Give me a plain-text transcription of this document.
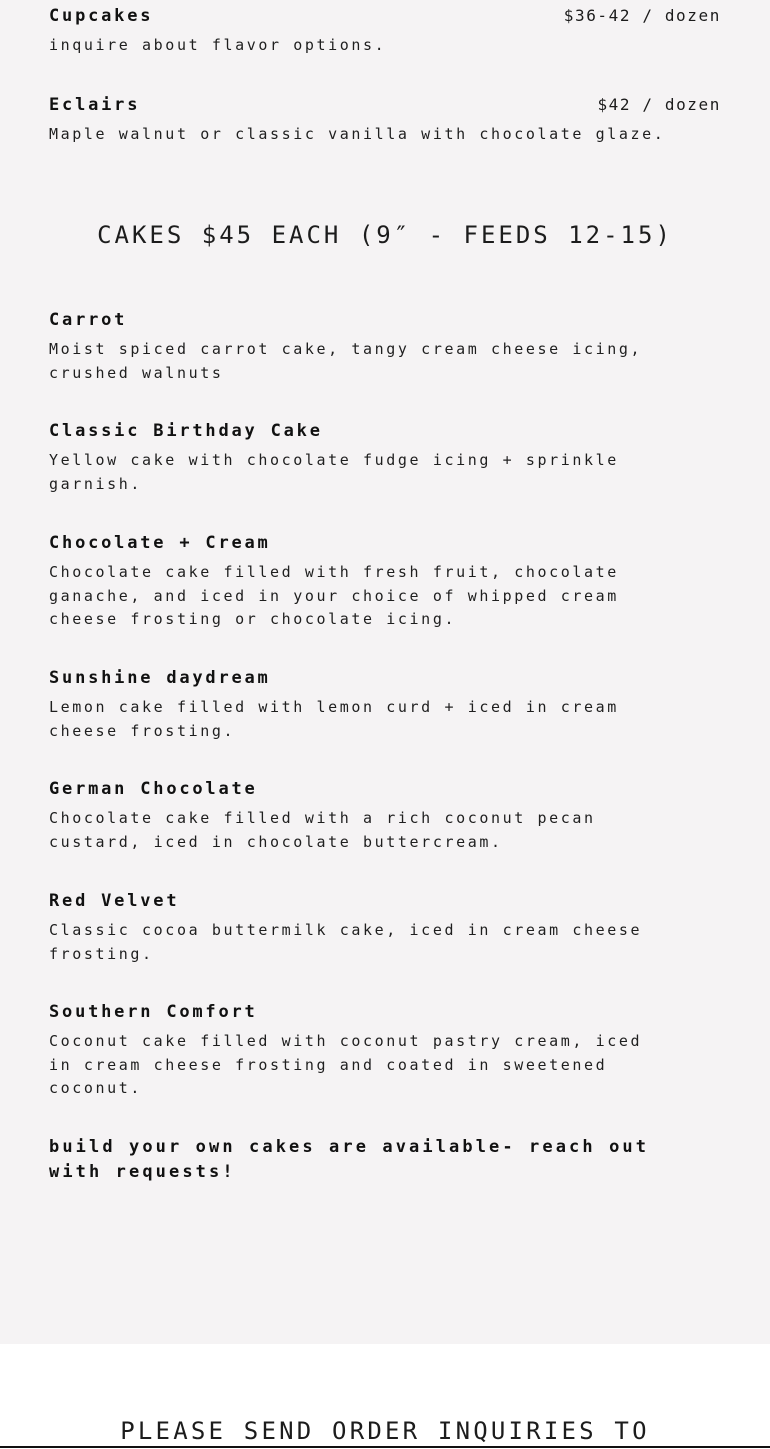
Cupcakes	$36-42 / dozen
inquire about flavor options.
Eclairs	$42 / dozen
Maple walnut or classic vanilla with chocolate glaze.
CAKES $45 EACH (9″ - FEEDS 12-15)
Carrot
Moist spiced carrot cake, tangy cream cheese icing, crushed walnuts
Classic Birthday Cake
Yellow cake with chocolate fudge icing + sprinkle garnish.
Chocolate + Cream
Chocolate cake filled with fresh fruit, chocolate ganache, and iced in your choice of whipped cream cheese frosting or chocolate icing.
Sunshine daydream
Lemon cake filled with lemon curd + iced in cream cheese frosting.
German Chocolate
Chocolate cake filled with a rich coconut pecan custard, iced in chocolate buttercream.
Red Velvet
Classic cocoa buttermilk cake, iced in cream cheese frosting.
Southern Comfort
Coconut cake filled with coconut pastry cream, iced in cream cheese frosting and coated in sweetened coconut.
build your own cakes are available- reach out with requests!
PLEASE SEND ORDER INQUIRIES TO
